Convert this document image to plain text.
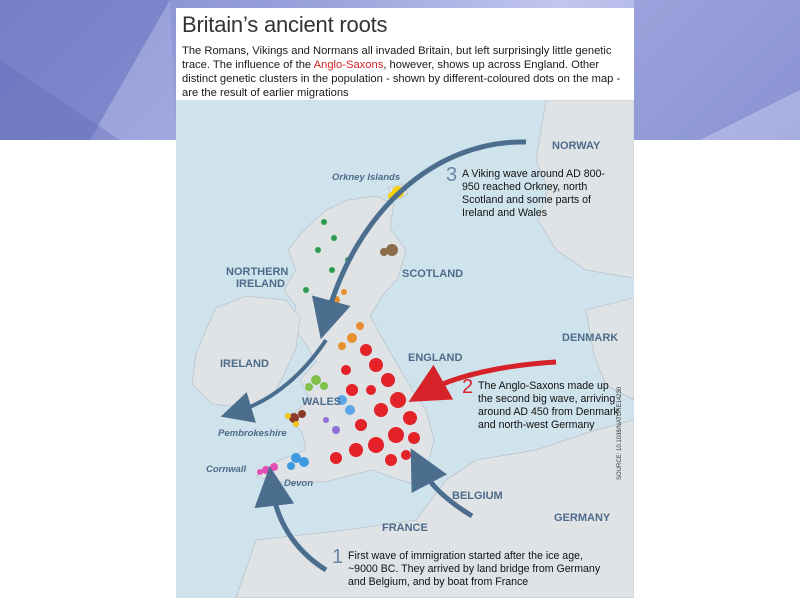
Britain’s ancient roots
The Romans, Vikings and Normans all invaded Britain, but left surprisingly little genetic trace. The influence of the Anglo-Saxons, however, shows up across England. Other distinct genetic clusters in the population - shown by different-coloured dots on the map - are the result of earlier migrations
NORWAY
Orkney Islands
SCOTLAND
NORTHERN
IRELAND
IRELAND	ENGLAND
DENMARK
WALES
Pembrokeshire
Cornwall
Devon
BELGIUM
FRANCE
GERMANY
3 A Viking wave around AD 800-950 reached Orkney, north Scotland and some parts of Ireland and Wales
2 The Anglo-Saxons made up the second big wave, arriving around AD 450 from Denmark and north-west Germany
1 First wave of immigration started after the ice age, ~9000 BC. They arrived by land bridge from Germany and Belgium, and by boat from France
SOURCE: 10.1038/NATURE14230
